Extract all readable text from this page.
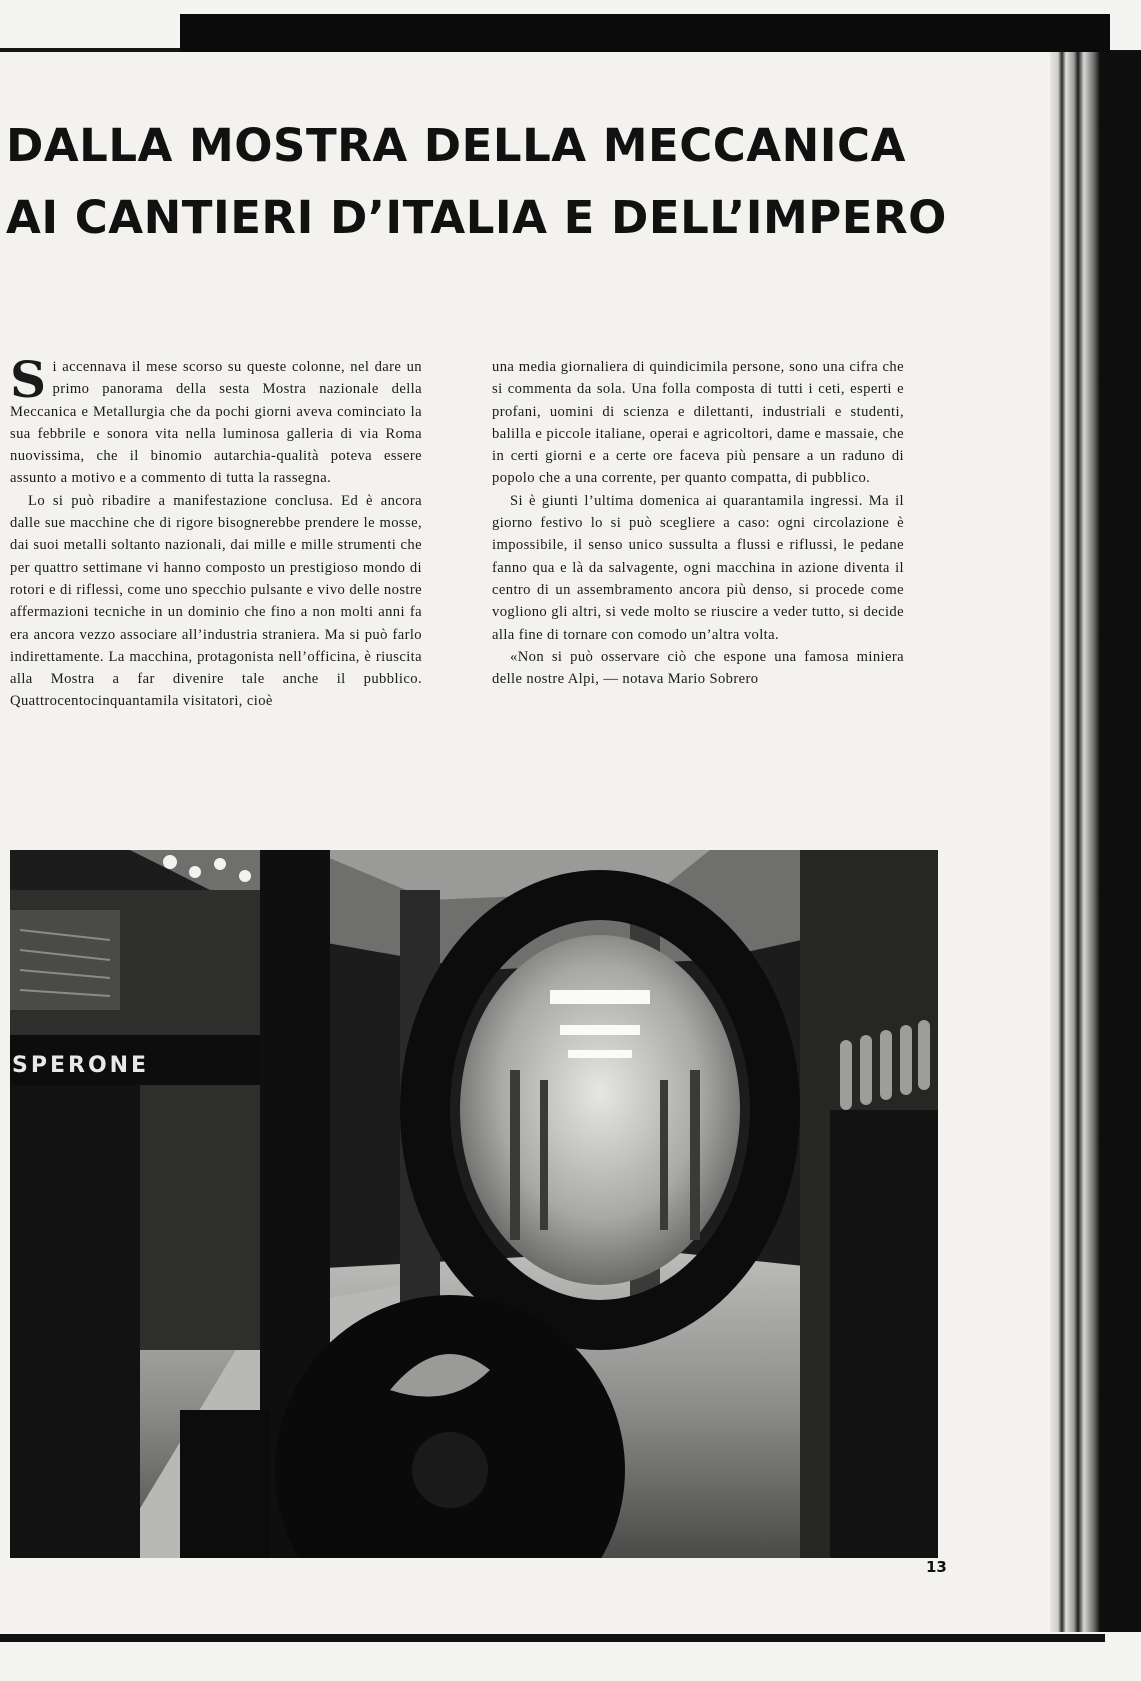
DALLA MOSTRA DELLA MECCANICA
AI CANTIERI D’ITALIA E DELL’IMPERO

Si accennava il mese scorso su queste colonne, nel dare un primo panorama della sesta Mostra nazionale della Meccanica e Metallurgia che da pochi giorni aveva cominciato la sua febbrile e sonora vita nella luminosa galleria di via Roma nuovissima, che il binomio autarchia-qualità poteva essere assunto a motivo e a commento di tutta la rassegna.

Lo si può ribadire a manifestazione conclusa. Ed è ancora dalle sue macchine che di rigore bisognerebbe prendere le mosse, dai suoi metalli soltanto nazionali, dai mille e mille strumenti che per quattro settimane vi hanno composto un prestigioso mondo di rotori e di riflessi, come uno specchio pulsante e vivo delle nostre affermazioni tecniche in un dominio che fino a non molti anni fa era ancora vezzo associare all’industria straniera. Ma si può farlo indirettamente. La macchina, protagonista nell’officina, è riuscita alla Mostra a far divenire tale anche il pubblico. Quattrocentocinquantamila visitatori, cioè

una media giornaliera di quindicimila persone, sono una cifra che si commenta da sola. Una folla composta di tutti i ceti, esperti e profani, uomini di scienza e dilettanti, industriali e studenti, balilla e piccole italiane, operai e agricoltori, dame e massaie, che in certi giorni e a certe ore faceva più pensare a un raduno di popolo che a una corrente, per quanto compatta, di pubblico.

Si è giunti l’ultima domenica ai quarantamila ingressi. Ma il giorno festivo lo si può scegliere a caso: ogni circolazione è impossibile, il senso unico sussulta a flussi e riflussi, le pedane fanno qua e là da salvagente, ogni macchina in azione diventa il centro di un assembramento ancora più denso, si procede come vogliono gli altri, si vede molto se riuscire a veder tutto, si decide alla fine di tornare con comodo un’altra volta.

«Non si può osservare ciò che espone una famosa miniera delle nostre Alpi, — notava Mario Sobrero

SPERONE
13
